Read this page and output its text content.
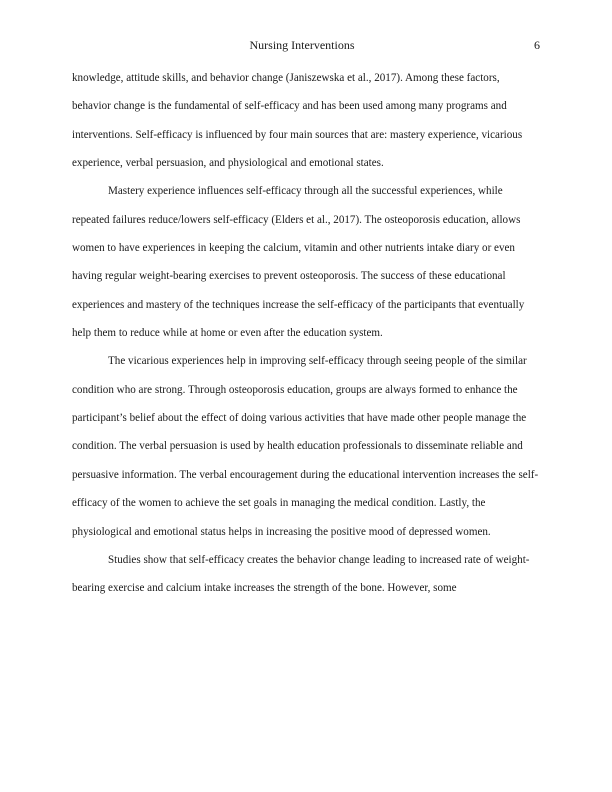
Nursing Interventions	6

knowledge, attitude skills, and behavior change (Janiszewska et al., 2017). Among these factors, behavior change is the fundamental of self-efficacy and has been used among many programs and interventions. Self-efficacy is influenced by four main sources that are: mastery experience, vicarious experience, verbal persuasion, and physiological and emotional states.

Mastery experience influences self-efficacy through all the successful experiences, while repeated failures reduce/lowers self-efficacy (Elders et al., 2017). The osteoporosis education, allows women to have experiences in keeping the calcium, vitamin and other nutrients intake diary or even having regular weight-bearing exercises to prevent osteoporosis. The success of these educational experiences and mastery of the techniques increase the self-efficacy of the participants that eventually help them to reduce while at home or even after the education system.

The vicarious experiences help in improving self-efficacy through seeing people of the similar condition who are strong. Through osteoporosis education, groups are always formed to enhance the participant’s belief about the effect of doing various activities that have made other people manage the condition. The verbal persuasion is used by health education professionals to disseminate reliable and persuasive information. The verbal encouragement during the educational intervention increases the self-efficacy of the women to achieve the set goals in managing the medical condition. Lastly, the physiological and emotional status helps in increasing the positive mood of depressed women.

Studies show that self-efficacy creates the behavior change leading to increased rate of weight-bearing exercise and calcium intake increases the strength of the bone. However, some
